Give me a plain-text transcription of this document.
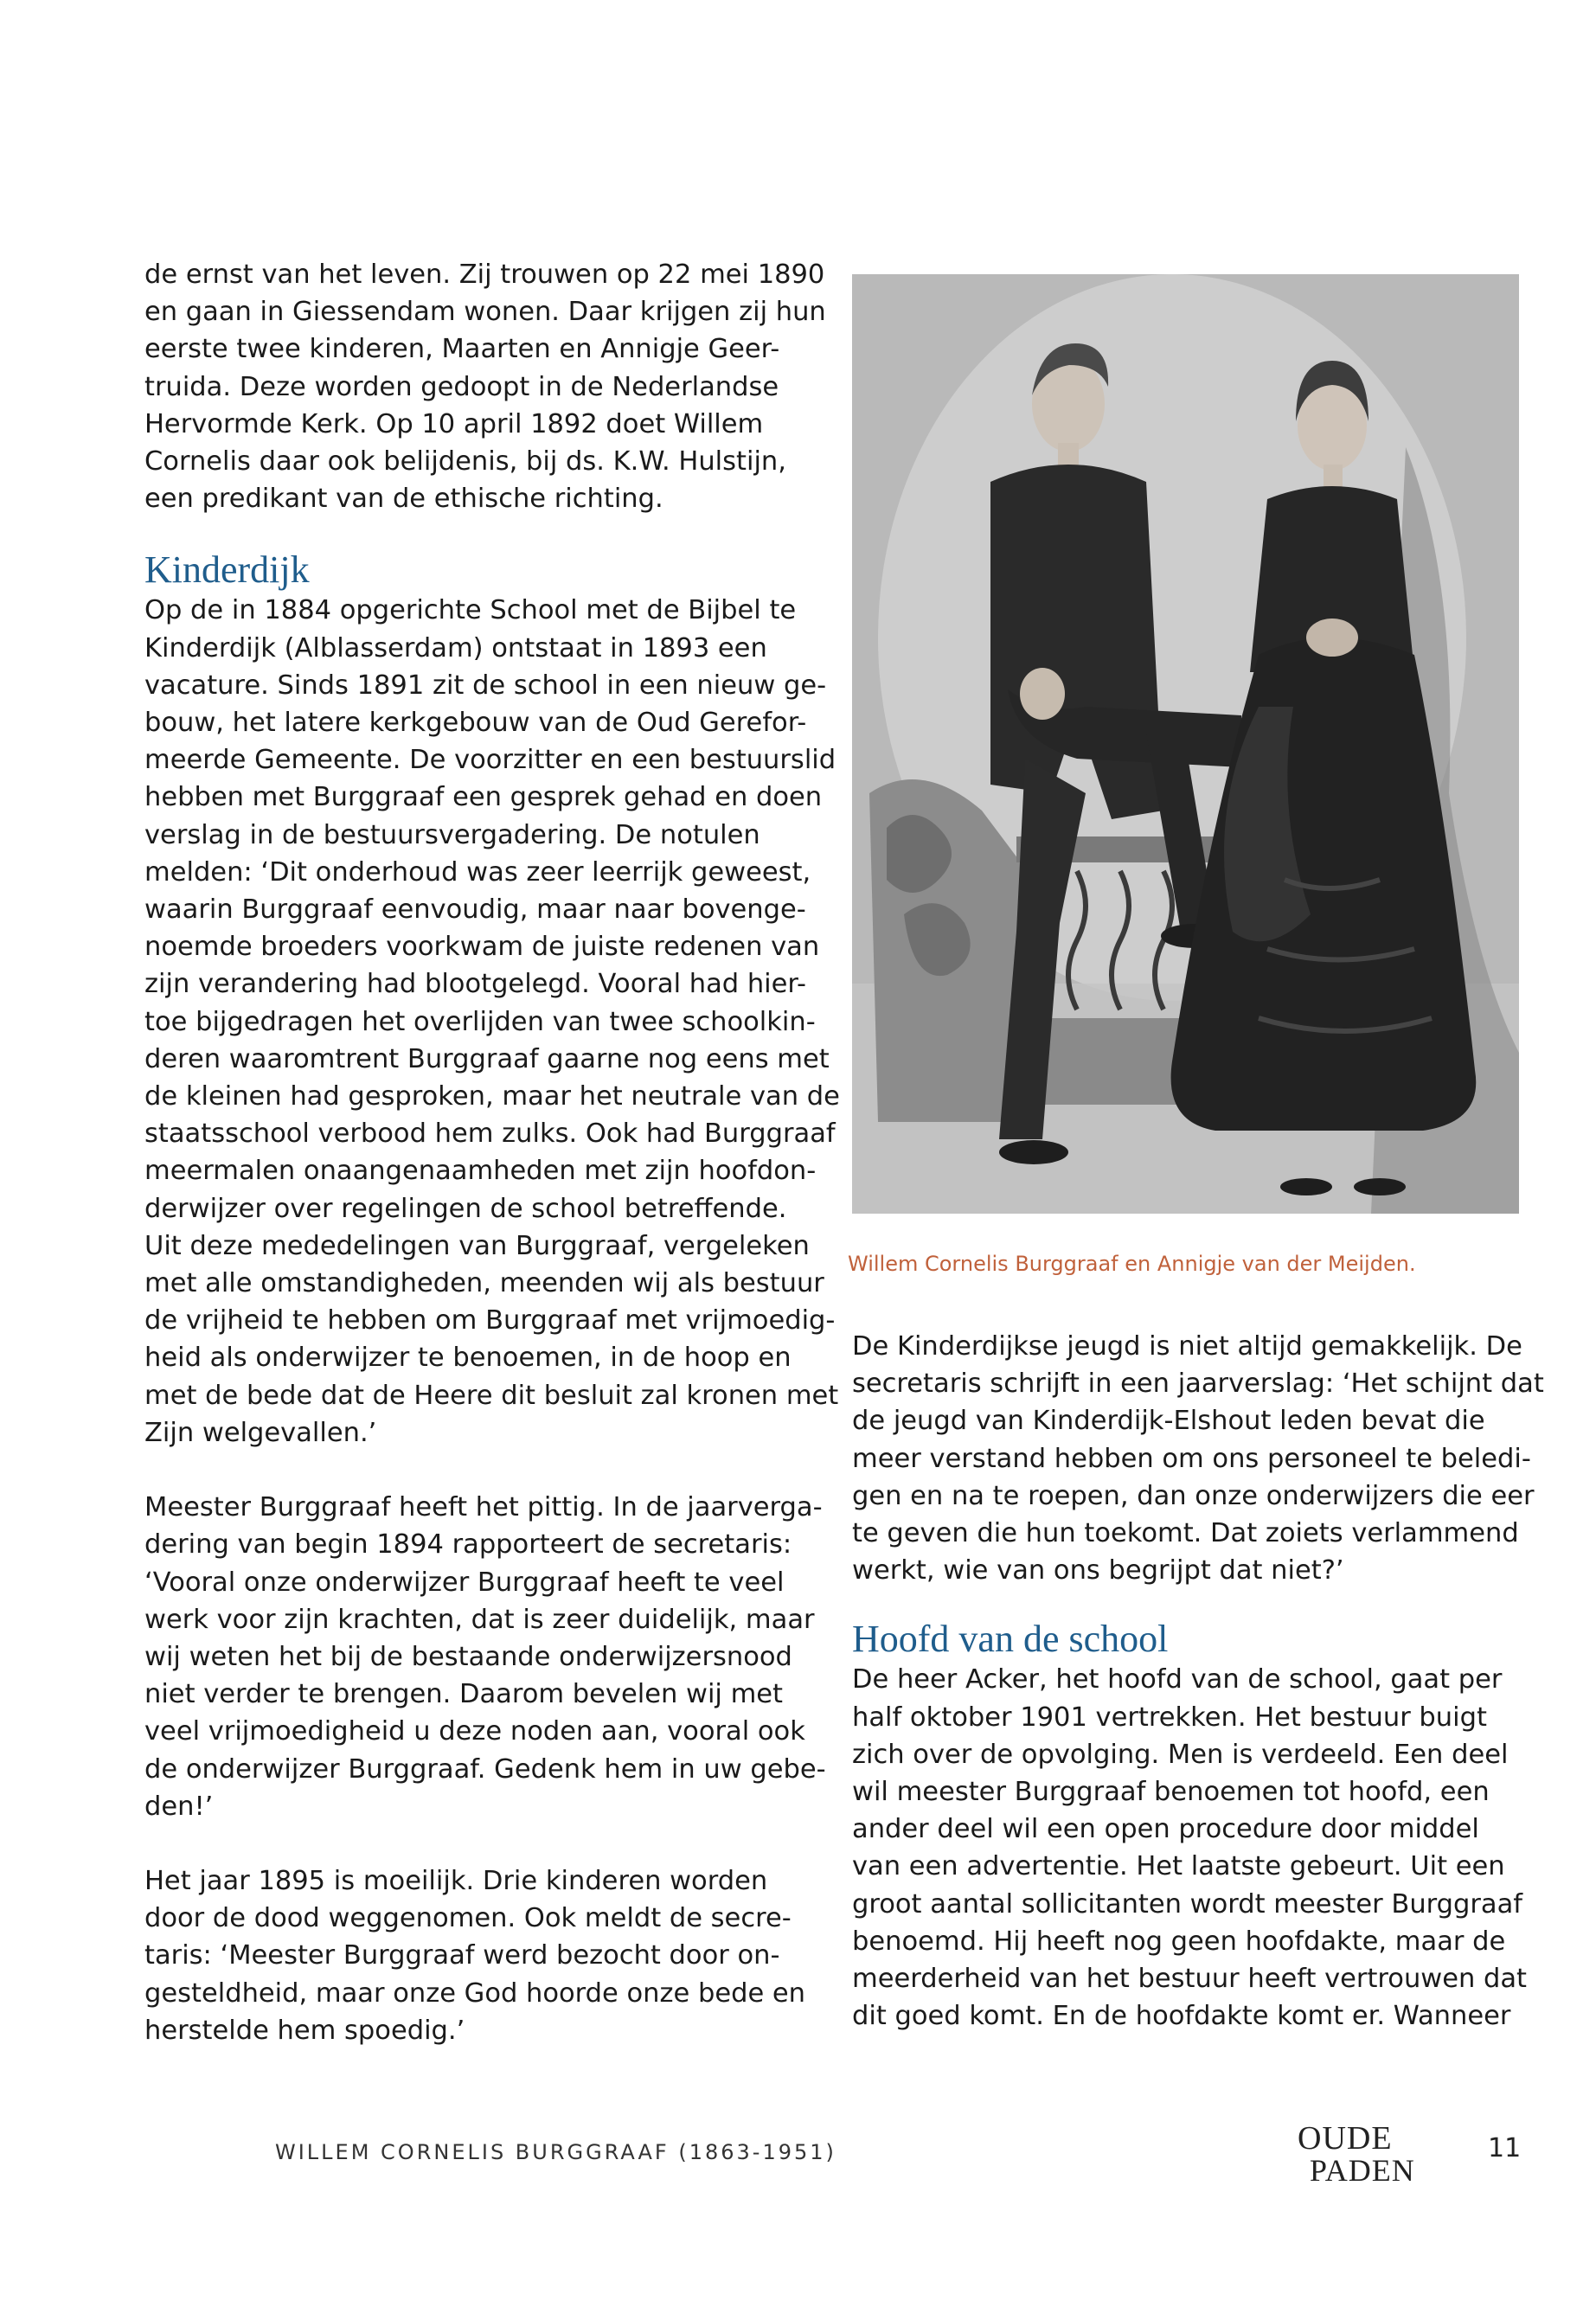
de ernst van het leven. Zij trouwen op 22 mei 1890

en gaan in Giessendam wonen. Daar krijgen zij hun

eerste twee kinderen, Maarten en Annigje Geer-

truida. Deze worden gedoopt in de Nederlandse

Hervormde Kerk. Op 10 april 1892 doet Willem

Cornelis daar ook belijdenis, bij ds. K.W. Hulstijn,

een predikant van de ethische richting.

Kinderdijk

Op de in 1884 opgerichte School met de Bijbel te

Kinderdijk (Alblasserdam) ontstaat in 1893 een

vacature. Sinds 1891 zit de school in een nieuw ge-

bouw, het latere kerkgebouw van de Oud Gerefor-

meerde Gemeente. De voorzitter en een bestuurslid

hebben met Burggraaf een gesprek gehad en doen

verslag in de bestuursvergadering. De notulen

melden: ‘Dit onderhoud was zeer leerrijk geweest,

waarin Burggraaf eenvoudig, maar naar bovenge-

noemde broeders voorkwam de juiste redenen van

zijn verandering had blootgelegd. Vooral had hier-

toe bijgedragen het overlijden van twee schoolkin-

deren waaromtrent Burggraaf gaarne nog eens met

de kleinen had gesproken, maar het neutrale van de

staatsschool verbood hem zulks. Ook had Burggraaf

meermalen onaangenaamheden met zijn hoofdon-

derwijzer over regelingen de school betreffende.

Uit deze mededelingen van Burggraaf, vergeleken

met alle omstandigheden, meenden wij als bestuur

de vrijheid te hebben om Burggraaf met vrijmoedig-

heid als onderwijzer te benoemen, in de hoop en

met de bede dat de Heere dit besluit zal kronen met

Zijn welgevallen.’

Meester Burggraaf heeft het pittig. In de jaarverga-

dering van begin 1894 rapporteert de secretaris:

‘Vooral onze onderwijzer Burggraaf heeft te veel

werk voor zijn krachten, dat is zeer duidelijk, maar

wij weten het bij de bestaande onderwijzersnood

niet verder te brengen. Daarom bevelen wij met

veel vrijmoedigheid u deze noden aan, vooral ook

de onderwijzer Burggraaf. Gedenk hem in uw gebe-

den!’

Het jaar 1895 is moeilijk. Drie kinderen worden

door de dood weggenomen. Ook meldt de secre-

taris: ‘Meester Burggraaf werd bezocht door on-

gesteldheid, maar onze God hoorde onze bede en

herstelde hem spoedig.’

Willem Cornelis Burggraaf en Annigje van der Meijden.

De Kinderdijkse jeugd is niet altijd gemakkelijk. De

secretaris schrijft in een jaarverslag: ‘Het schijnt dat

de jeugd van Kinderdijk-Elshout leden bevat die

meer verstand hebben om ons personeel te beledi-

gen en na te roepen, dan onze onderwijzers die eer

te geven die hun toekomt. Dat zoiets verlammend

werkt, wie van ons begrijpt dat niet?’

Hoofd van de school

De heer Acker, het hoofd van de school, gaat per

half oktober 1901 vertrekken. Het bestuur buigt

zich over de opvolging. Men is verdeeld. Een deel

wil meester Burggraaf benoemen tot hoofd, een

ander deel wil een open procedure door middel

van een advertentie. Het laatste gebeurt. Uit een

groot aantal sollicitanten wordt meester Burggraaf

benoemd. Hij heeft nog geen hoofdakte, maar de

meerderheid van het bestuur heeft vertrouwen dat

dit goed komt. En de hoofdakte komt er. Wanneer

WILLEM CORNELIS BURGGRAAF (1863-1951)	OUDE
PADEN
11
